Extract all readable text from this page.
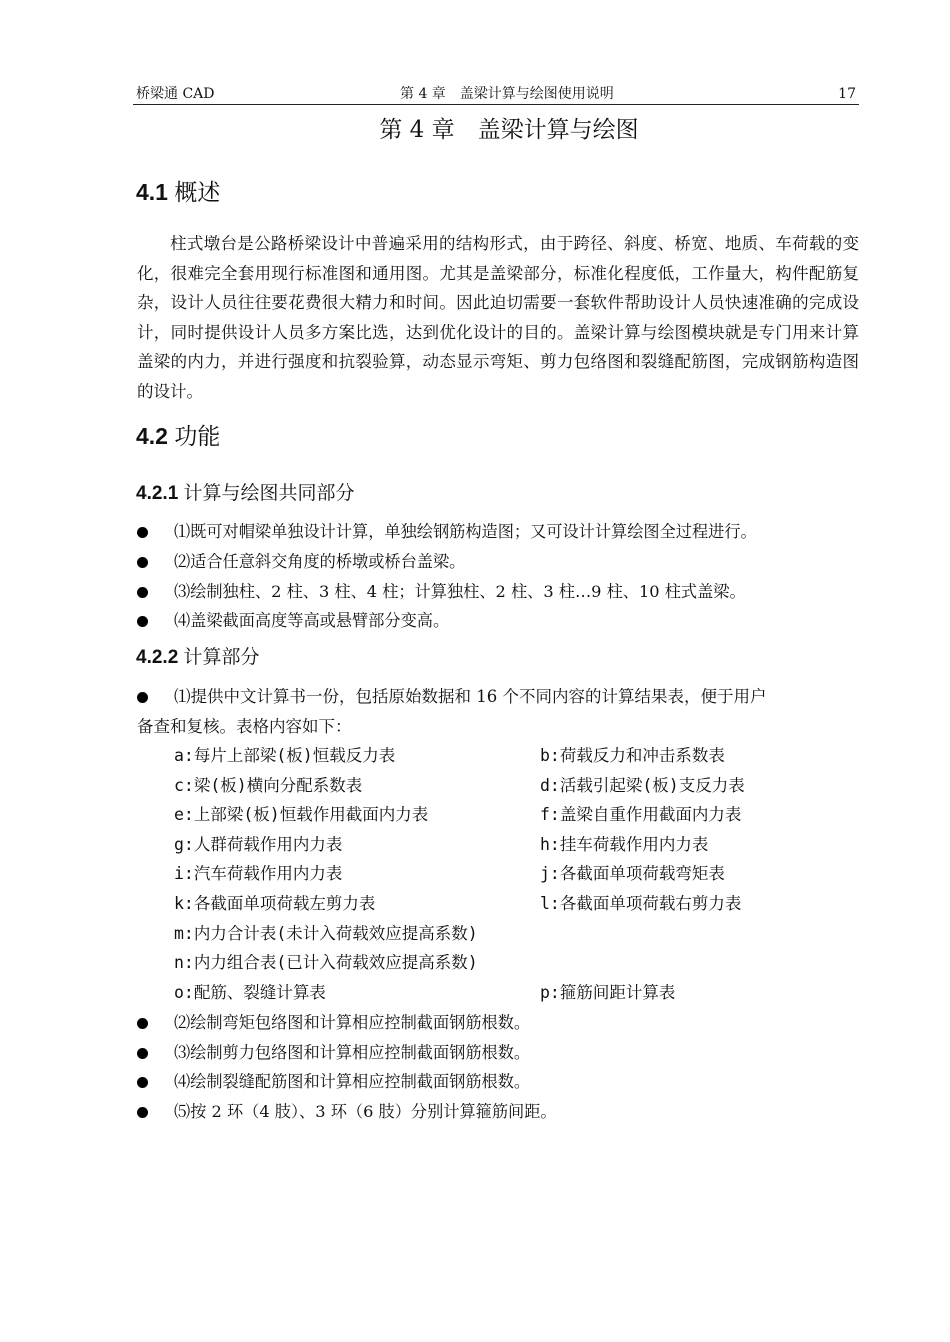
桥梁通 CAD	第 4 章　盖梁计算与绘图使用说明	17
第 4 章　盖梁计算与绘图
4.1 概述

柱式墩台是公路桥梁设计中普遍采用的结构形式，由于跨径、斜度、桥宽、地质、车荷载的变化，很难完全套用现行标准图和通用图。尤其是盖梁部分，标准化程度低，工作量大，构件配筋复杂，设计人员往往要花费很大精力和时间。因此迫切需要一套软件帮助设计人员快速准确的完成设计，同时提供设计人员多方案比选，达到优化设计的目的。盖梁计算与绘图模块就是专门用来计算盖梁的内力，并进行强度和抗裂验算，动态显示弯矩、剪力包络图和裂缝配筋图，完成钢筋构造图的设计。

4.2 功能
4.2.1 计算与绘图共同部分
⑴既可对帽梁单独设计计算，单独绘钢筋构造图；又可设计计算绘图全过程进行。
⑵适合任意斜交角度的桥墩或桥台盖梁。
⑶绘制独柱、2 柱、3 柱、4 柱；计算独柱、2 柱、3 柱…9 柱、10 柱式盖梁。
⑷盖梁截面高度等高或悬臂部分变高。
4.2.2 计算部分
⑴提供中文计算书一份，包括原始数据和 16 个不同内容的计算结果表，便于用户
备查和复核。表格内容如下：
a:每片上部梁(板)恒载反力表	b:荷载反力和冲击系数表
c:梁(板)横向分配系数表	d:活载引起梁(板)支反力表
e:上部梁(板)恒载作用截面内力表	f:盖梁自重作用截面内力表
g:人群荷载作用内力表	h:挂车荷载作用内力表
i:汽车荷载作用内力表	j:各截面单项荷载弯矩表
k:各截面单项荷载左剪力表	l:各截面单项荷载右剪力表
m:内力合计表(未计入荷载效应提高系数)
n:内力组合表(已计入荷载效应提高系数)
o:配筋、裂缝计算表	p:箍筋间距计算表
⑵绘制弯矩包络图和计算相应控制截面钢筋根数。
⑶绘制剪力包络图和计算相应控制截面钢筋根数。
⑷绘制裂缝配筋图和计算相应控制截面钢筋根数。
⑸按 2 环（4 肢）、3 环（6 肢）分别计算箍筋间距。
